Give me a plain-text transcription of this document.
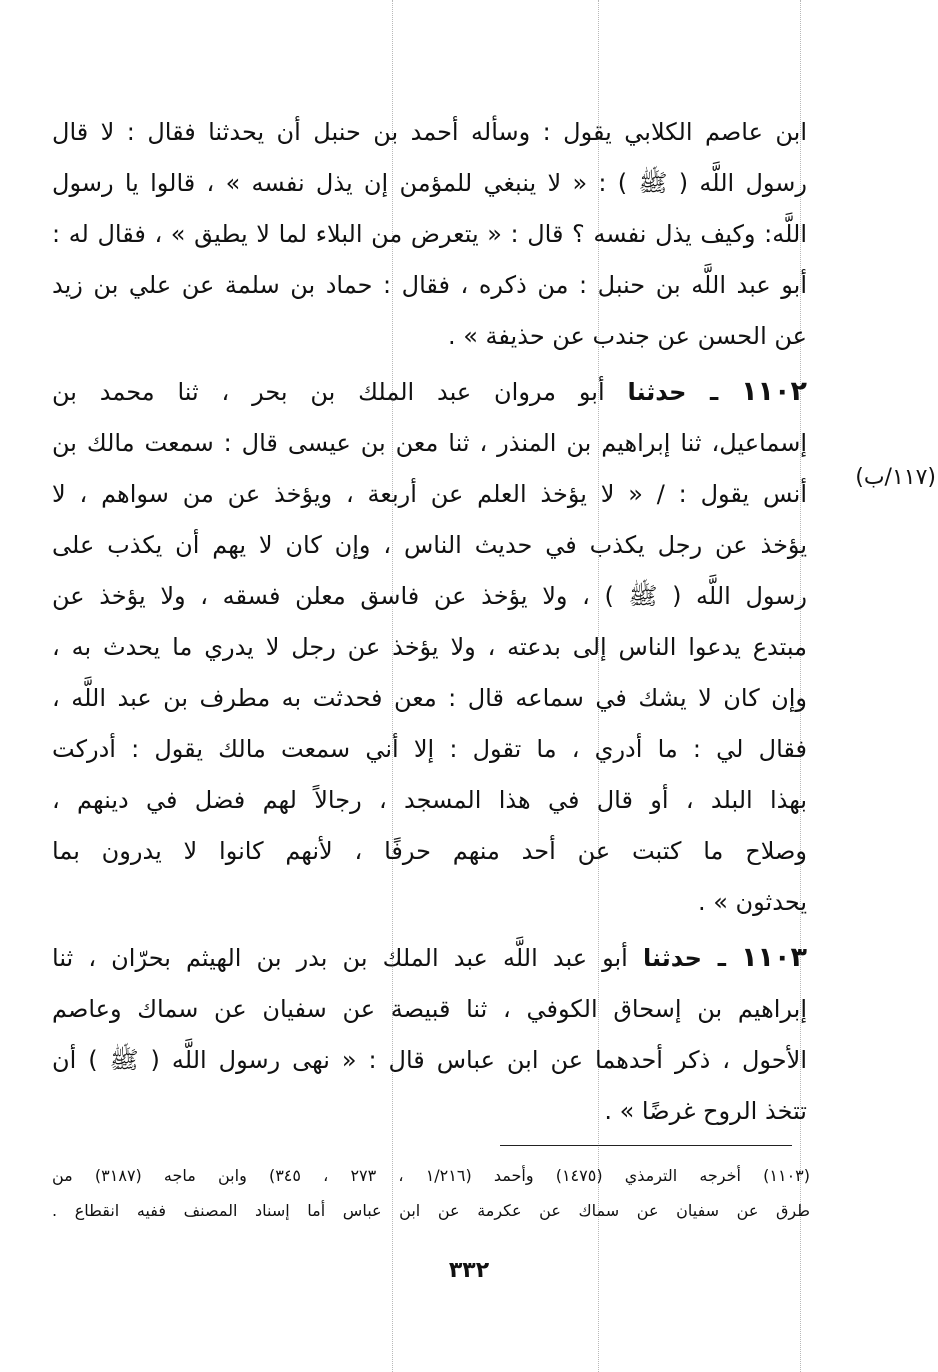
(١١٧/ب)

ابن عاصم الكلابي يقول : وسأله أحمد بن حنبل أن يحدثنا فقال : لا قال
رسول اللَّه ( ﷺ ) : « لا ينبغي للمؤمن إن يذل نفسه » ، قالوا يا رسول
اللَّه: وكيف يذل نفسه ؟ قال : « يتعرض من البلاء لما لا يطيق » ، فقال له :
أبو عبد اللَّه بن حنبل : من ذكره ، فقال : حماد بن سلمة عن علي بن زيد
عن الحسن عن جندب عن حذيفة » .

١١٠٢ ـ حدثنا أبو مروان عبد الملك بن بحر ، ثنا محمد بن
إسماعيل، ثنا إبراهيم بن المنذر ، ثنا معن بن عيسى قال : سمعت مالك بن
أنس يقول : / « لا يؤخذ العلم عن أربعة ، ويؤخذ عن من سواهم ، لا
يؤخذ عن رجل يكذب في حديث الناس ، وإن كان لا يهم أن يكذب على
رسول اللَّه ( ﷺ ) ، ولا يؤخذ عن فاسق معلن فسقه ، ولا يؤخذ عن
مبتدع يدعوا الناس إلى بدعته ، ولا يؤخذ عن رجل لا يدري ما يحدث به ،
وإن كان لا يشك في سماعه قال : معن فحدثت به مطرف بن عبد اللَّه ،
فقال لي : ما أدري ، ما تقول : إلا أني سمعت مالك يقول : أدركت
بهذا البلد ، أو قال في هذا المسجد ، رجالاً لهم فضل في دينهم ،
وصلاح ما كتبت عن أحد منهم حرفًا ، لأنهم كانوا لا يدرون بما
يحدثون » .

١١٠٣ ـ حدثنا أبو عبد اللَّه عبد الملك بن بدر بن الهيثم بحرّان ، ثنا
إبراهيم بن إسحاق الكوفي ، ثنا قبيصة عن سفيان عن سماك وعاصم
الأحول ، ذكر أحدهما عن ابن عباس قال : « نهى رسول اللَّه ( ﷺ ) أن
تتخذ الروح غرضًا » .

(١١٠٣) أخرجه الترمذي (١٤٧٥) وأحمد (١/٢١٦ ، ٢٧٣ ، ٣٤٥) وابن ماجه (٣١٨٧) من
طرق عن سفيان عن سماك عن عكرمة عن ابن عباس أما إسناد المصنف ففيه انقطاع .
٣٣٢
